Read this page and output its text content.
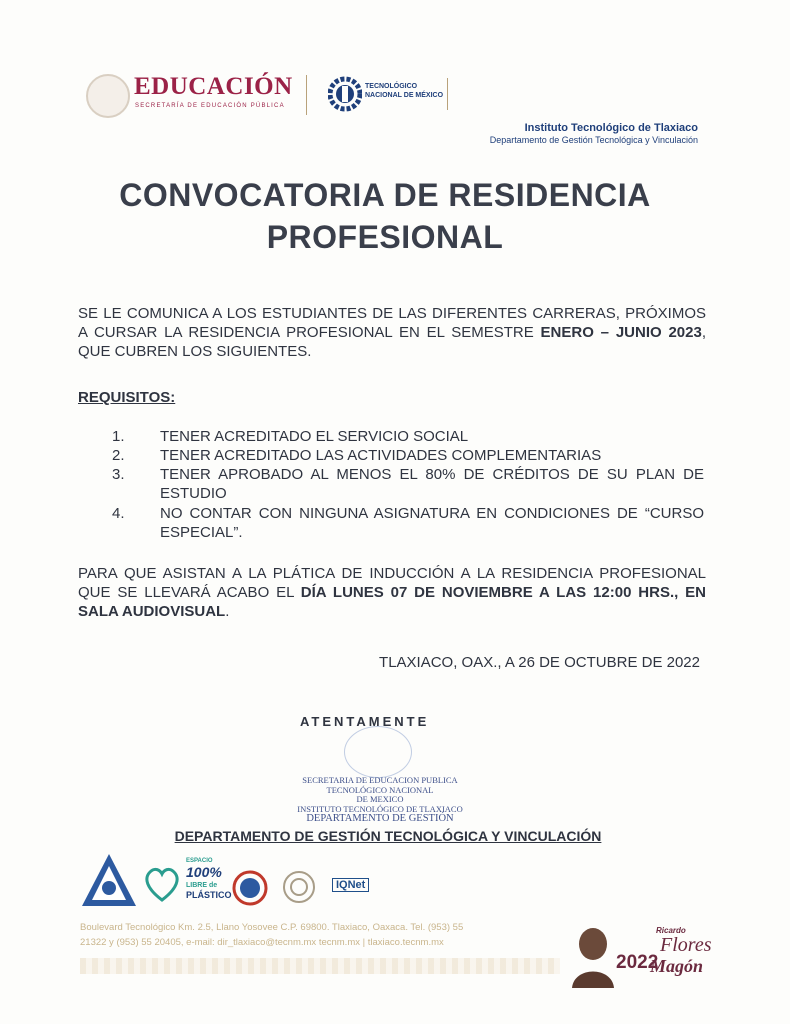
EDUCACIÓN
SECRETARÍA DE EDUCACIÓN PÚBLICA
TECNOLÓGICO
NACIONAL DE MÉXICO
Instituto Tecnológico de Tlaxiaco
Departamento de Gestión Tecnológica y Vinculación
CONVOCATORIA DE RESIDENCIA
PROFESIONAL
SE LE COMUNICA A LOS ESTUDIANTES DE LAS DIFERENTES CARRERAS, PRÓXIMOS A CURSAR LA RESIDENCIA PROFESIONAL EN EL SEMESTRE ENERO – JUNIO 2023, QUE CUBREN LOS SIGUIENTES.
REQUISITOS:
1. TENER ACREDITADO EL SERVICIO SOCIAL
2. TENER ACREDITADO LAS ACTIVIDADES COMPLEMENTARIAS
3. TENER APROBADO AL MENOS EL 80% DE CRÉDITOS DE SU PLAN DE ESTUDIO
4. NO CONTAR CON NINGUNA ASIGNATURA EN CONDICIONES DE “CURSO ESPECIAL”.
PARA QUE ASISTAN A LA PLÁTICA DE INDUCCIÓN A LA RESIDENCIA PROFESIONAL QUE SE LLEVARÁ ACABO EL DÍA LUNES 07 DE NOVIEMBRE A LAS 12:00 HRS., EN SALA AUDIOVISUAL.
TLAXIACO, OAX., A 26 DE OCTUBRE DE 2022
ATENTAMENTE
SECRETARIA DE EDUCACION PUBLICA
TECNOLÓGICO NACIONAL
DE MEXICO
INSTITUTO TECNOLÓGICO DE TLAXIACO
DEPARTAMENTO DE GESTIÓN
DEPARTAMENTO DE GESTIÓN TECNOLÓGICA Y VINCULACIÓN
ESPACIO
100%
LIBRE de
PLÁSTICO
IQNet
Boulevard Tecnológico Km. 2.5, Llano Yosovee C.P. 69800. Tlaxiaco, Oaxaca. Tel. (953) 55
21322 y (953) 55 20405, e-mail: dir_tlaxiaco@tecnm.mx tecnm.mx | tlaxiaco.tecnm.mx
Ricardo
Flores
Magón
2022
